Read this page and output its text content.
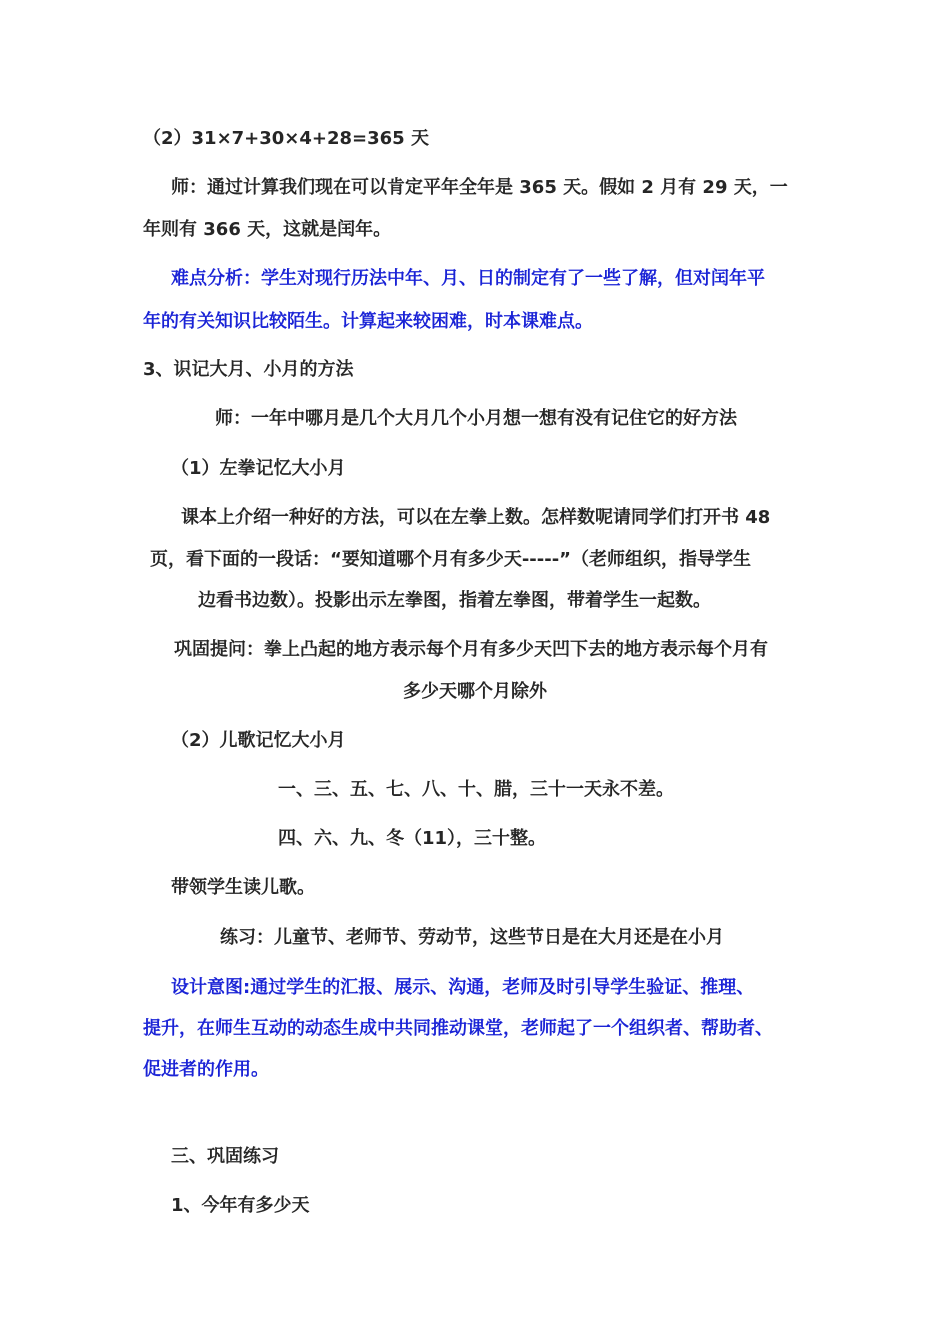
（2）31×7+30×4+28=365 天
师：通过计算我们现在可以肯定平年全年是 365 天。假如 2 月有 29 天，一
年则有 366 天，这就是闰年。
难点分析：学生对现行历法中年、月、日的制定有了一些了解，但对闰年平
年的有关知识比较陌生。计算起来较困难，时本课难点。
3、识记大月、小月的方法
师：一年中哪月是几个大月几个小月想一想有没有记住它的好方法
（1）左拳记忆大小月
课本上介绍一种好的方法，可以在左拳上数。怎样数呢请同学们打开书 48
页，看下面的一段话：“要知道哪个月有多少天-----”（老师组织，指导学生
边看书边数）。投影出示左拳图，指着左拳图，带着学生一起数。
巩固提问：拳上凸起的地方表示每个月有多少天凹下去的地方表示每个月有
多少天哪个月除外
（2）儿歌记忆大小月
一、三、五、七、八、十、腊，三十一天永不差。
四、六、九、冬（11），三十整。
带领学生读儿歌。
练习：儿童节、老师节、劳动节，这些节日是在大月还是在小月
设计意图:通过学生的汇报、展示、沟通，老师及时引导学生验证、推理、
提升，在师生互动的动态生成中共同推动课堂，老师起了一个组织者、帮助者、
促进者的作用。
三、巩固练习
1、今年有多少天
